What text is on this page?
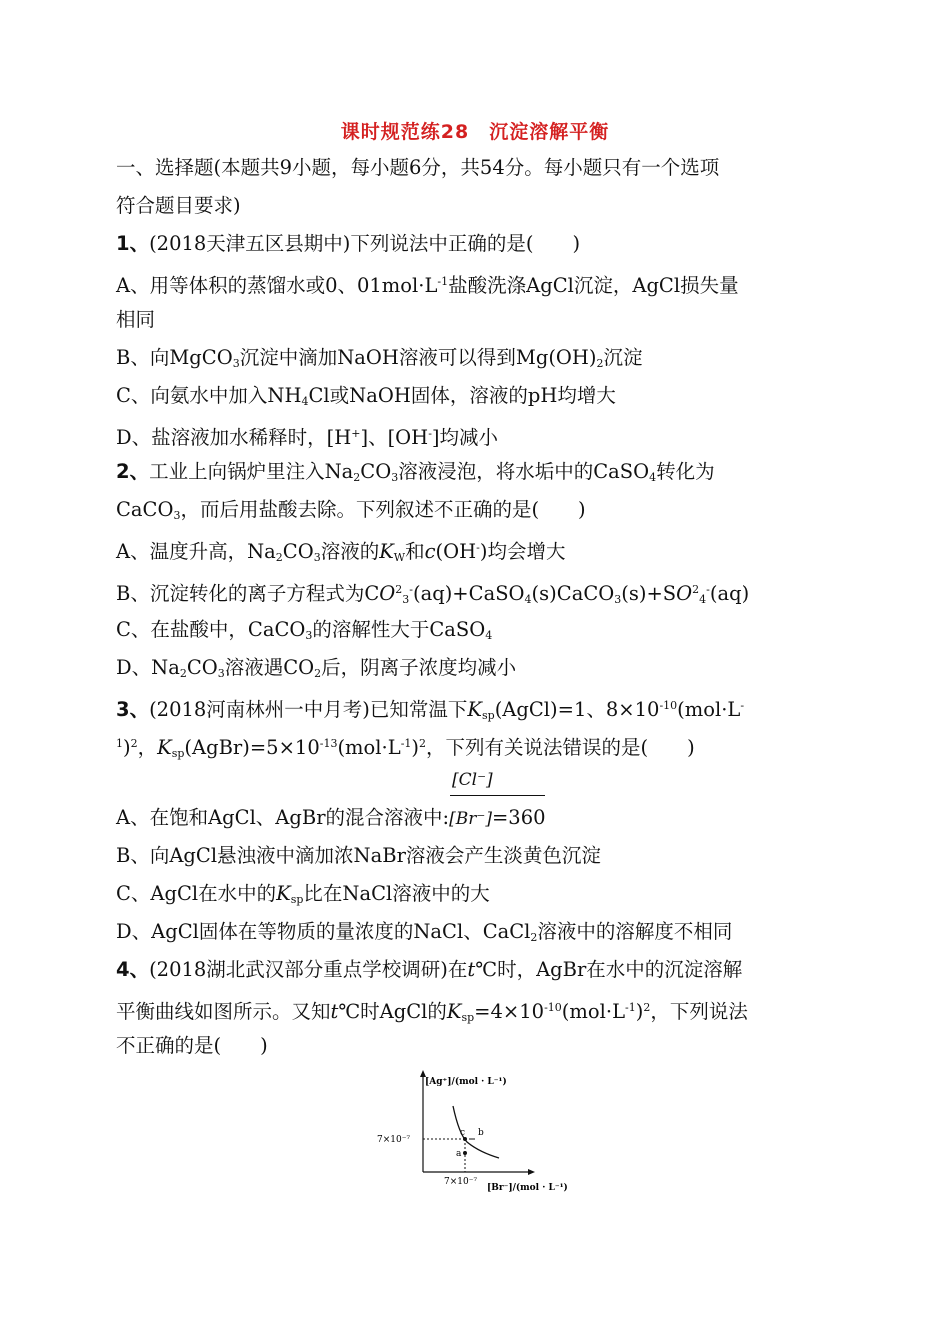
课时规范练28　沉淀溶解平衡
一、选择题(本题共9小题，每小题6分，共54分。每小题只有一个选项
符合题目要求)
1、(2018天津五区县期中)下列说法中正确的是(　　)
A、用等体积的蒸馏水或0、$01mol\cdot L^{-1}$盐酸洗涤AgCl沉淀，AgCl损失量
相同
B、向MgCO$_3$沉淀中滴加NaOH溶液可以得到$Mg(OH)_2$沉淀
C、向氨水中加入$NH_4Cl$或NaOH固体，溶液的pH均增大
D、盐溶液加水稀释时，[H+]、[OH-]均减小
2、工业上向锅炉里注入$Na_2CO_3$溶液浸泡，将水垢中的CaSO$_4$转化为
CaCO$_3$，而后用盐酸去除。下列叙述不正确的是(　　)
A、温度升高，$Na_2CO_3$溶液的$K_W$和c(OH-)均会增大
B、沉淀转化的离子方程式为$CO^2_3^-(aq)+CaSO_4(s)CaCO_3(s)+SO^2_4^-(aq)$
C、在盐酸中，CaCO$_3$的溶解性大于CaSO$_4$
D、$Na_2CO_3$溶液遇$CO_2$后，阴离子浓度均减小
3、(2018河南林州一中月考)已知常温下$K_{sp}(AgCl)=1$、$8\times 10^{-10}(mol\cdot L^-$
$^1$)$^2$，$K_{sp}(AgBr)=5\times 10^{-13}(mol\cdot L^{-1})^2$，下列有关说法错误的是(　　)
[Cl⁻]
A、在饱和AgCl、AgBr的混合溶液中:[Br⁻]=360
B、向AgCl悬浊液中滴加浓NaBr溶液会产生淡黄色沉淀
C、AgCl在水中的$K_{sp}$比在NaCl溶液中的大
D、AgCl固体在等物质的量浓度的NaCl、CaCl$_2$溶液中的溶解度不相同
4、(2018湖北武汉部分重点学校调研)在t℃时，AgBr在水中的沉淀溶解
平衡曲线如图所示。又知t℃时AgCl的$K_{sp}=4\times 10^{-10}(mol\cdot L^{-1})^2$，下列说法
不正确的是(　　)
[Ag⁺]/(mol · L⁻¹)
[Br⁻]/(mol · L⁻¹)
7×10⁻⁷
7×10⁻⁷
c b
a
